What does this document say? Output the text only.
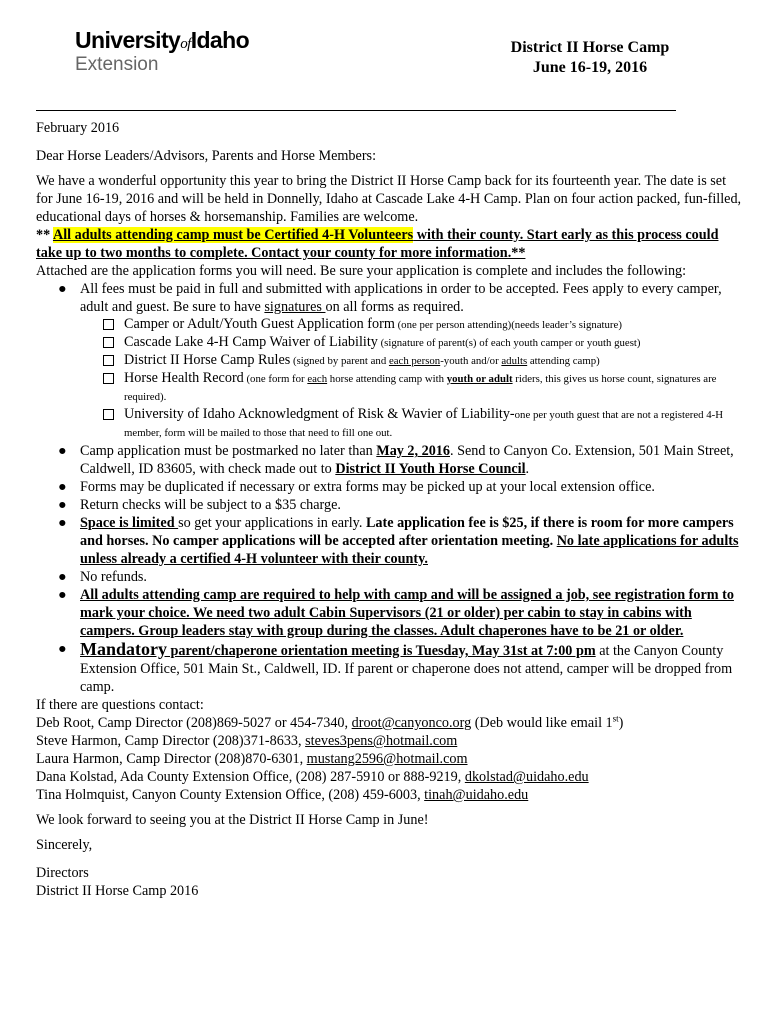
UniversityofIdaho
Extension
District II Horse Camp
June 16-19, 2016

February 2016

Dear Horse Leaders/Advisors, Parents and Horse Members:

We have a wonderful opportunity this year to bring the District II Horse Camp back for its fourteenth year. The date is set for June 16-19, 2016 and will be held in Donnelly, Idaho at Cascade Lake 4-H Camp. Plan on four action packed, fun-filled, educational days of horses & horsemanship. Families are welcome.

** All adults attending camp must be Certified 4-H Volunteers with their county. Start early as this process could take up to two months to complete. Contact your county for more information.**

Attached are the application forms you will need. Be sure your application is complete and includes the following:

● All fees must be paid in full and submitted with applications in order to be accepted. Fees apply to every camper, adult and guest. Be sure to have signatures on all forms as required.
Camper or Adult/Youth Guest Application form (one per person attending)(needs leader’s signature)
Cascade Lake 4-H Camp Waiver of Liability (signature of parent(s) of each youth camper or youth guest)
District II Horse Camp Rules (signed by parent and each person-youth and/or adults attending camp)
Horse Health Record (one form for each horse attending camp with youth or adult riders, this gives us horse count, signatures are required).
University of Idaho Acknowledgment of Risk & Wavier of Liability-one per youth guest that are not a registered 4-H member, form will be mailed to those that need to fill one out.
● Camp application must be postmarked no later than May 2, 2016. Send to Canyon Co. Extension, 501 Main Street, Caldwell, ID 83605, with check made out to District II Youth Horse Council.
● Forms may be duplicated if necessary or extra forms may be picked up at your local extension office.
● Return checks will be subject to a $35 charge.
● Space is limited so get your applications in early. Late application fee is $25, if there is room for more campers and horses. No camper applications will be accepted after orientation meeting. No late applications for adults unless already a certified 4-H volunteer with their county.
● No refunds.
● All adults attending camp are required to help with camp and will be assigned a job, see registration form to mark your choice. We need two adult Cabin Supervisors (21 or older) per cabin to stay in cabins with campers. Group leaders stay with group during the classes. Adult chaperones have to be 21 or older.
● Mandatory parent/chaperone orientation meeting is Tuesday, May 31st at 7:00 pm at the Canyon County Extension Office, 501 Main St., Caldwell, ID. If parent or chaperone does not attend, camper will be dropped from camp.

If there are questions contact:

Deb Root, Camp Director (208)869-5027 or 454-7340, droot@canyonco.org (Deb would like email 1st)
Steve Harmon, Camp Director (208)371-8633, steves3pens@hotmail.com
Laura Harmon, Camp Director (208)870-6301, mustang2596@hotmail.com
Dana Kolstad, Ada County Extension Office, (208) 287-5910 or 888-9219, dkolstad@uidaho.edu
Tina Holmquist, Canyon County Extension Office, (208) 459-6003, tinah@uidaho.edu

We look forward to seeing you at the District II Horse Camp in June!

Sincerely,

Directors

District II Horse Camp 2016
